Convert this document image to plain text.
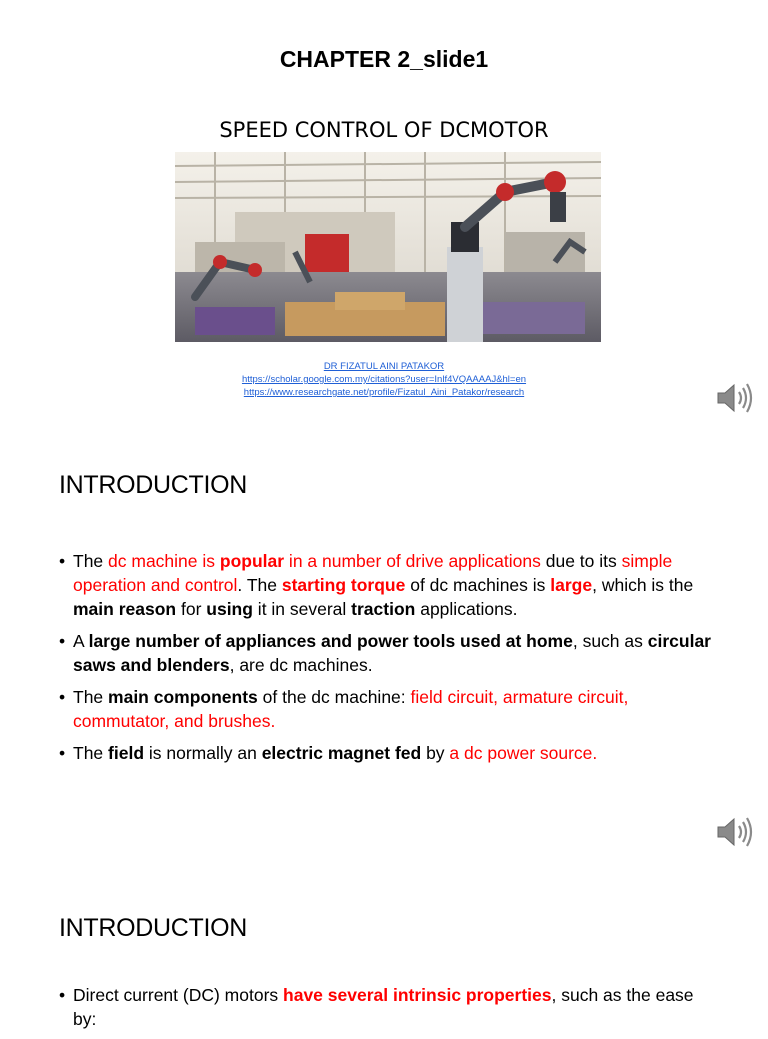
CHAPTER 2_slide1
SPEED CONTROL OF DCMOTOR
DR FIZATUL AINI PATAKOR
https://scholar.google.com.my/citations?user=Inlf4VQAAAAJ&hl=en
https://www.researchgate.net/profile/Fizatul_Aini_Patakor/research
INTRODUCTION
• The dc machine is popular in a number of drive applications due to its simple operation and control. The starting torque of dc machines is large, which is the main reason for using it in several traction applications.
• A large number of appliances and power tools used at home, such as circular saws and blenders, are dc machines.
• The main components of the dc machine: field circuit, armature circuit, commutator, and brushes.
• The field is normally an electric magnet fed by a dc power source.
INTRODUCTION
• Direct current (DC) motors have several intrinsic properties, such as the ease by:
